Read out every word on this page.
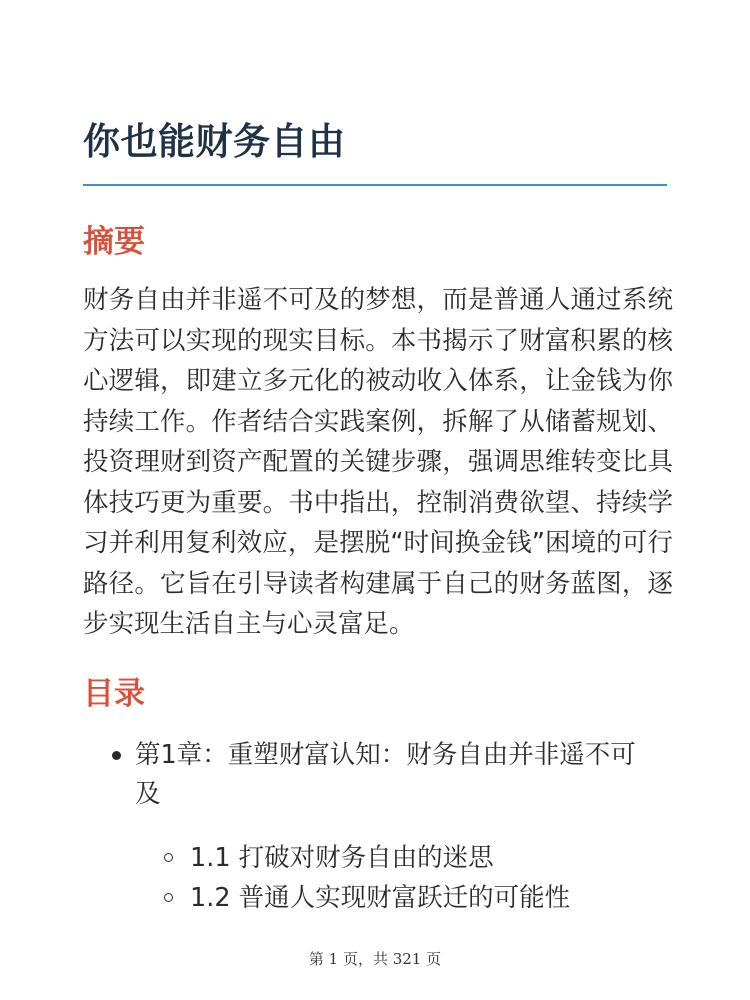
你也能财务自由
摘要

财务自由并非遥不可及的梦想，而是普通人通过系统方法可以实现的现实目标。本书揭示了财富积累的核心逻辑，即建立多元化的被动收入体系，让金钱为你持续工作。作者结合实践案例，拆解了从储蓄规划、投资理财到资产配置的关键步骤，强调思维转变比具体技巧更为重要。书中指出，控制消费欲望、持续学习并利用复利效应，是摆脱“时间换金钱”困境的可行路径。它旨在引导读者构建属于自己的财务蓝图，逐步实现生活自主与心灵富足。

目录
第1章：重塑财富认知：财务自由并非遥不可及
1.1 打破对财务自由的迷思
1.2 普通人实现财富跃迁的可能性
第 1 页，共 321 页
